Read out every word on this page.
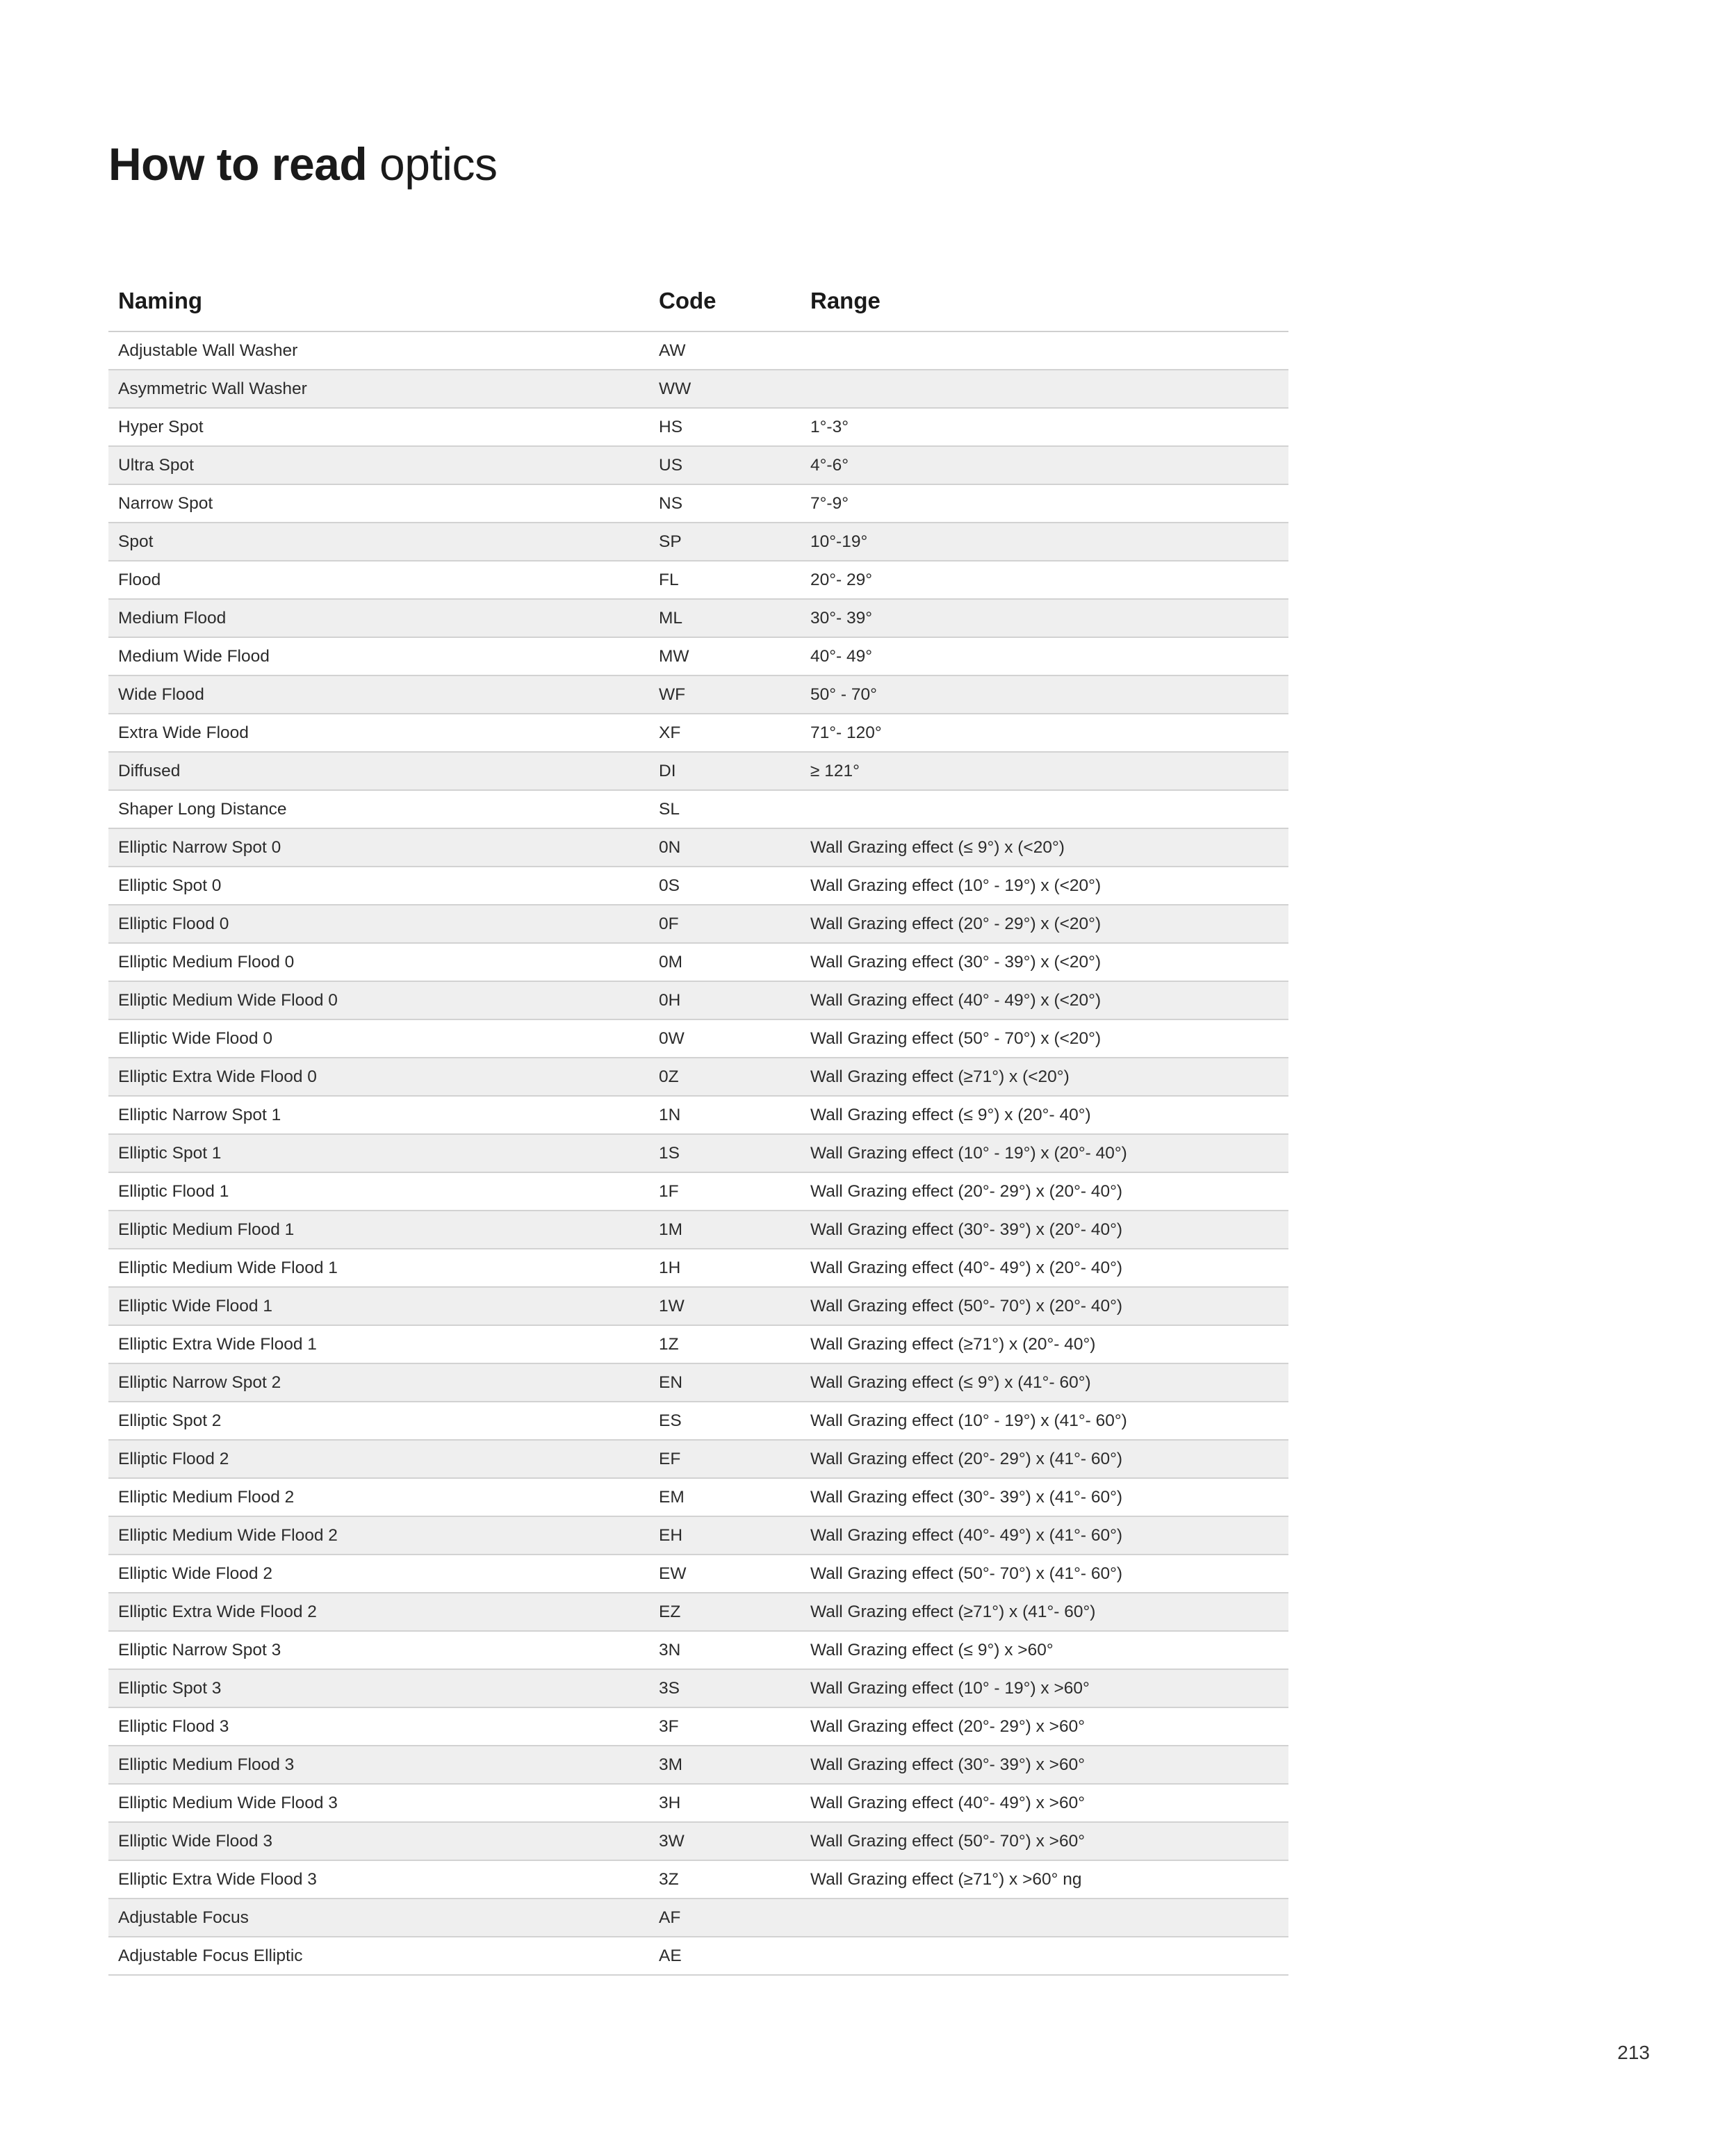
How to read optics
Naming	Code	Range
Adjustable Wall Washer	AW	
Asymmetric Wall Washer	WW	
Hyper Spot	HS	1°-3°
Ultra Spot	US	4°-6°
Narrow Spot	NS	7°-9°
Spot	SP	10°-19°
Flood	FL	20°- 29°
Medium Flood	ML	30°- 39°
Medium Wide Flood	MW	40°- 49°
Wide Flood	WF	50° - 70°
Extra Wide Flood	XF	71°- 120°
Diffused	DI	≥ 121°
Shaper Long Distance	SL	
Elliptic Narrow Spot 0	0N	Wall Grazing effect (≤ 9°) x (<20°)
Elliptic Spot 0	0S	Wall Grazing effect (10° - 19°) x (<20°)
Elliptic Flood 0	0F	Wall Grazing effect (20° - 29°) x (<20°)
Elliptic Medium Flood 0	0M	Wall Grazing effect (30° - 39°) x (<20°)
Elliptic Medium Wide Flood 0	0H	Wall Grazing effect (40° - 49°) x (<20°)
Elliptic Wide Flood 0	0W	Wall Grazing effect (50° - 70°) x (<20°)
Elliptic Extra Wide Flood 0	0Z	Wall Grazing effect (≥71°) x (<20°)
Elliptic Narrow Spot 1	1N	Wall Grazing effect (≤ 9°) x (20°- 40°)
Elliptic Spot 1	1S	Wall Grazing effect (10° - 19°) x (20°- 40°)
Elliptic Flood 1	1F	Wall Grazing effect (20°- 29°) x (20°- 40°)
Elliptic Medium Flood 1	1M	Wall Grazing effect (30°- 39°) x (20°- 40°)
Elliptic Medium Wide Flood 1	1H	Wall Grazing effect (40°- 49°) x (20°- 40°)
Elliptic Wide Flood 1	1W	Wall Grazing effect (50°- 70°) x (20°- 40°)
Elliptic Extra Wide Flood 1	1Z	Wall Grazing effect (≥71°) x (20°- 40°)
Elliptic Narrow Spot 2	EN	Wall Grazing effect (≤ 9°) x (41°- 60°)
Elliptic Spot 2	ES	Wall Grazing effect (10° - 19°) x (41°- 60°)
Elliptic Flood 2	EF	Wall Grazing effect (20°- 29°) x (41°- 60°)
Elliptic Medium Flood 2	EM	Wall Grazing effect (30°- 39°) x (41°- 60°)
Elliptic Medium Wide Flood 2	EH	Wall Grazing effect (40°- 49°) x (41°- 60°)
Elliptic Wide Flood 2	EW	Wall Grazing effect (50°- 70°) x (41°- 60°)
Elliptic Extra Wide Flood 2	EZ	Wall Grazing effect (≥71°) x (41°- 60°)
Elliptic Narrow Spot 3	3N	Wall Grazing effect (≤ 9°) x >60°
Elliptic Spot 3	3S	Wall Grazing effect (10° - 19°) x >60°
Elliptic Flood 3	3F	Wall Grazing effect (20°- 29°) x >60°
Elliptic Medium Flood 3	3M	Wall Grazing effect (30°- 39°) x >60°
Elliptic Medium Wide Flood 3	3H	Wall Grazing effect (40°- 49°) x >60°
Elliptic Wide Flood 3	3W	Wall Grazing effect (50°- 70°) x >60°
Elliptic Extra Wide Flood 3	3Z	Wall Grazing effect (≥71°) x >60° ng
Adjustable Focus	AF	
Adjustable Focus Elliptic	AE	
213
